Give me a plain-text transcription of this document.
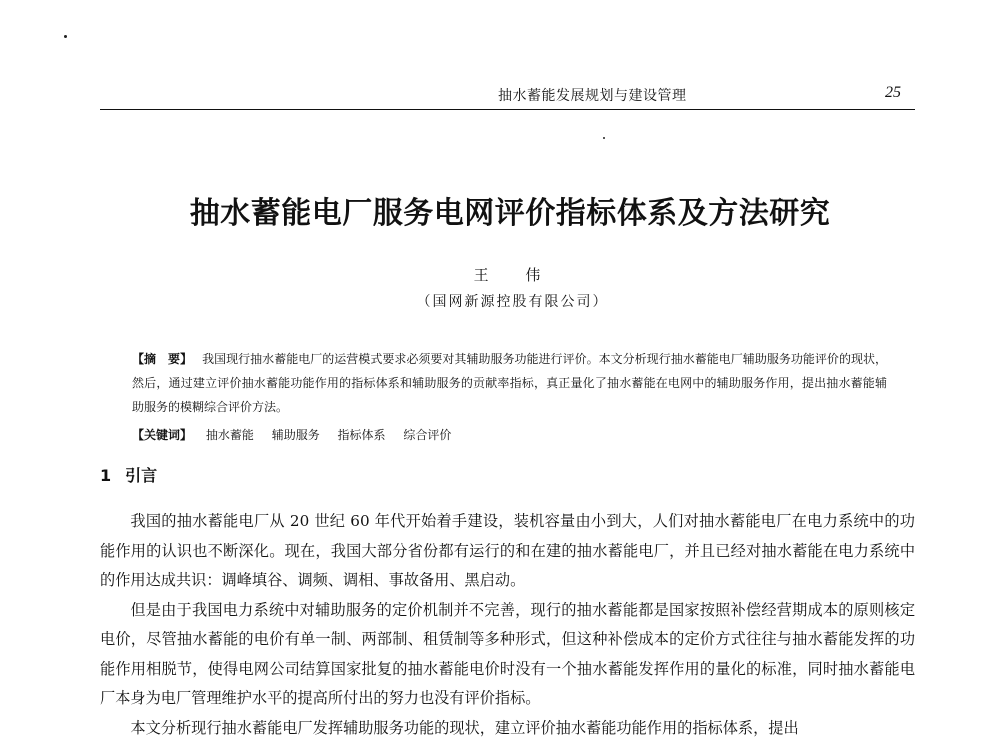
抽水蓄能发展规划与建设管理	25
抽水蓄能电厂服务电网评价指标体系及方法研究
王 伟
（国网新源控股有限公司）
【摘　要】 我国现行抽水蓄能电厂的运营模式要求必须要对其辅助服务功能进行评价。本文分析现行抽水蓄能电厂辅助服务功能评价的现状，然后，通过建立评价抽水蓄能功能作用的指标体系和辅助服务的贡献率指标，真正量化了抽水蓄能在电网中的辅助服务作用，提出抽水蓄能辅助服务的模糊综合评价方法。
【关键词】 抽水蓄能 辅助服务 指标体系 综合评价
1 引言

我国的抽水蓄能电厂从 20 世纪 60 年代开始着手建设，装机容量由小到大，人们对抽水蓄能电厂在电力系统中的功能作用的认识也不断深化。现在，我国大部分省份都有运行的和在建的抽水蓄能电厂，并且已经对抽水蓄能在电力系统中的作用达成共识：调峰填谷、调频、调相、事故备用、黑启动。

但是由于我国电力系统中对辅助服务的定价机制并不完善，现行的抽水蓄能都是国家按照补偿经营期成本的原则核定电价，尽管抽水蓄能的电价有单一制、两部制、租赁制等多种形式，但这种补偿成本的定价方式往往与抽水蓄能发挥的功能作用相脱节，使得电网公司结算国家批复的抽水蓄能电价时没有一个抽水蓄能发挥作用的量化的标准，同时抽水蓄能电厂本身为电厂管理维护水平的提高所付出的努力也没有评价指标。

本文分析现行抽水蓄能电厂发挥辅助服务功能的现状，建立评价抽水蓄能功能作用的指标体系，提出
